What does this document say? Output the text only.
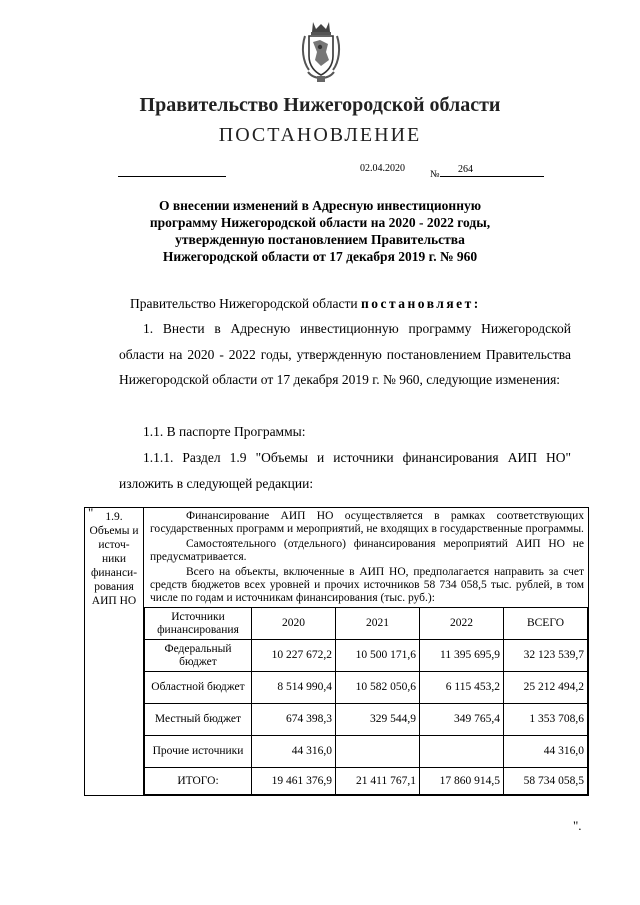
Правительство Нижегородской области
ПОСТАНОВЛЕНИЕ
02.04.2020
№	264
О внесении изменений в Адресную инвестиционную
программу Нижегородской области на 2020 - 2022 годы,
утвержденную постановлением Правительства
Нижегородской области от 17 декабря 2019 г. № 960
Правительство Нижегородской области постановляет:
1. Внести в Адресную инвестиционную программу Нижегородской области на 2020 - 2022 годы, утвержденную постановлением Правительства Нижегородской области от 17 декабря 2019 г. № 960, следующие изменения:
1.1. В паспорте Программы:
1.1.1. Раздел 1.9 "Объемы и источники финансирования АИП НО" изложить в следующей редакции:
"	1.9.
Объемы и
источ-
ники
финанси-
рования
АИП НО

Финансирование АИП НО осуществляется в рамках соответствующих государственных программ и мероприятий, не входящих в государственные программы.
Самостоятельного (отдельного) финансирования мероприятий АИП НО не предусматривается.
Всего на объекты, включенные в АИП НО, предполагается направить за счет средств бюджетов всех уровней и прочих источников 58 734 058,5 тыс. рублей, в том числе по годам и источникам финансирования (тыс. руб.):
Источники финансирования	2020	2021	2022	ВСЕГО
Федеральный бюджет	10 227 672,2	10 500 171,6	11 395 695,9	32 123 539,7
Областной бюджет	8 514 990,4	10 582 050,6	6 115 453,2	25 212 494,2
Местный бюджет	674 398,3	329 544,9	349 765,4	1 353 708,6
Прочие источники	44 316,0			44 316,0
ИТОГО:	19 461 376,9	21 411 767,1	17 860 914,5	58 734 058,5
".
